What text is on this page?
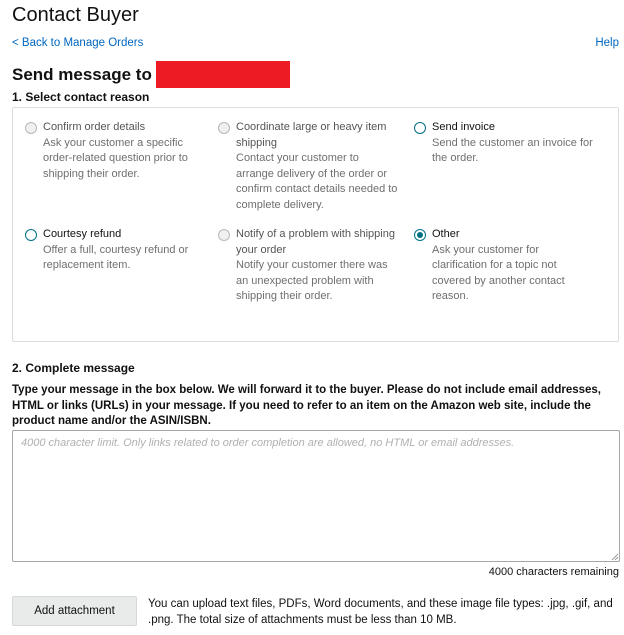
Contact Buyer
< Back to Manage Orders	Help
Send message to

1. Select contact reason

Confirm order details
Ask your customer a specific order-related question prior to shipping their order.
Coordinate large or heavy item shipping
Contact your customer to arrange delivery of the order or confirm contact details needed to complete delivery.
Send invoice
Send the customer an invoice for the order.
Courtesy refund
Offer a full, courtesy refund or replacement item.
Notify of a problem with shipping your order
Notify your customer there was an unexpected problem with shipping their order.
Other
Ask your customer for clarification for a topic not covered by another contact reason.

2. Complete message

Type your message in the box below. We will forward it to the buyer. Please do not include email addresses, HTML or links (URLs) in your message. If you need to refer to an item on the Amazon web site, include the product name and/or the ASIN/ISBN.
4000 character limit. Only links related to order completion are allowed, no HTML or email addresses.
4000 characters remaining
Add attachment
You can upload text files, PDFs, Word documents, and these image file types: .jpg, .gif, and .png. The total size of attachments must be less than 10 MB.
